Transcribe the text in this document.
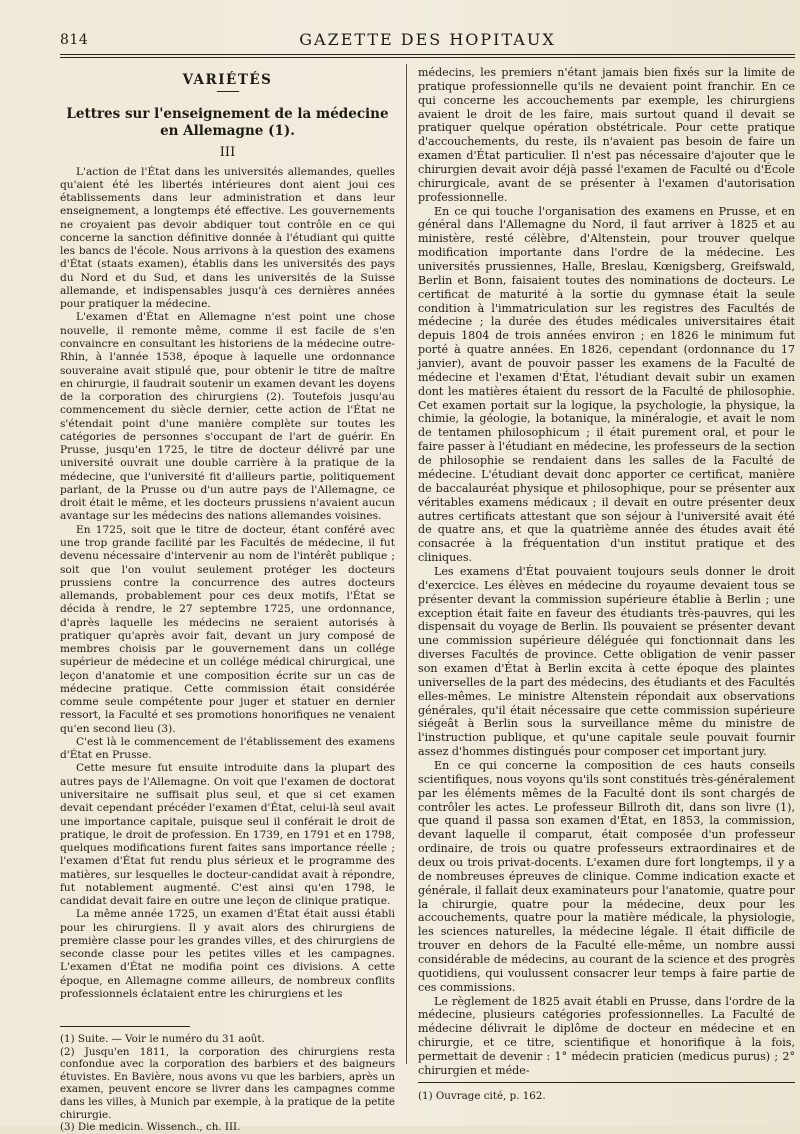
814	GAZETTE DES HOPITAUX
VARIÉTÉS
Lettres sur l'enseignement de la médecine en Allemagne (1).
III

L'action de l'État dans les universités allemandes, quelles qu'aient été les libertés intérieures dont aient joui ces établissements dans leur administration et dans leur enseignement, a longtemps été effective. Les gouvernements ne croyaient pas devoir abdiquer tout contrôle en ce qui concerne la sanction définitive donnée à l'étudiant qui quitte les bancs de l'école. Nous arrivons à la question des examens d'État (staats examen), établis dans les universités des pays du Nord et du Sud, et dans les universités de la Suisse allemande, et indispensables jusqu'à ces dernières années pour pratiquer la médecine.

L'examen d'État en Allemagne n'est point une chose nouvelle, il remonte même, comme il est facile de s'en convaincre en consultant les historiens de la médecine outre-Rhin, à l'année 1538, époque à laquelle une ordonnance souveraine avait stipulé que, pour obtenir le titre de maître en chirurgie, il faudrait soutenir un examen devant les doyens de la corporation des chirurgiens (2). Toutefois jusqu'au commencement du siècle dernier, cette action de l'État ne s'étendait point d'une manière complète sur toutes les catégories de personnes s'occupant de l'art de guérir. En Prusse, jusqu'en 1725, le titre de docteur délivré par une université ouvrait une double carrière à la pratique de la médecine, que l'université fit d'ailleurs partie, politiquement parlant, de la Prusse ou d'un autre pays de l'Allemagne, ce droit était le même, et les docteurs prussiens n'avaient aucun avantage sur les médecins des nations allemandes voisines.

En 1725, soit que le titre de docteur, étant conféré avec une trop grande facilité par les Facultés de médecine, il fut devenu nécessaire d'intervenir au nom de l'intérêt publique ; soit que l'on voulut seulement protéger les docteurs prussiens contre la concurrence des autres docteurs allemands, probablement pour ces deux motifs, l'État se décida à rendre, le 27 septembre 1725, une ordonnance, d'après laquelle les médecins ne seraient autorisés à pratiquer qu'après avoir fait, devant un jury composé de membres choisis par le gouvernement dans un collége supérieur de médecine et un collége médical chirurgical, une leçon d'anatomie et une composition écrite sur un cas de médecine pratique. Cette commission était considérée comme seule compétente pour juger et statuer en dernier ressort, la Faculté et ses promotions honorifiques ne venaient qu'en second lieu (3).

C'est là le commencement de l'établissement des examens d'État en Prusse.

Cette mesure fut ensuite introduite dans la plupart des autres pays de l'Allemagne. On voit que l'examen de doctorat universitaire ne suffisait plus seul, et que si cet examen devait cependant précéder l'examen d'État, celui-là seul avait une importance capitale, puisque seul il conférait le droit de pratique, le droit de profession. En 1739, en 1791 et en 1798, quelques modifications furent faites sans importance réelle ; l'examen d'État fut rendu plus sérieux et le programme des matières, sur lesquelles le docteur-candidat avait à répondre, fut notablement augmenté. C'est ainsi qu'en 1798, le candidat devait faire en outre une leçon de clinique pratique.

La même année 1725, un examen d'État était aussi établi pour les chirurgiens. Il y avait alors des chirurgiens de première classe pour les grandes villes, et des chirurgiens de seconde classe pour les petites villes et les campagnes. L'examen d'État ne modifia point ces divisions. A cette époque, en Allemagne comme ailleurs, de nombreux conflits professionnels éclataient entre les chirurgiens et les

(1) Suite. — Voir le numéro du 31 août.
(2) Jusqu'en 1811, la corporation des chirurgiens resta confondue avec la corporation des barbiers et des baigneurs étuvistes. En Bavière, nous avons vu que les barbiers, après un examen, peuvent encore se livrer dans les campagnes comme dans les villes, à Munich par exemple, à la pratique de la petite chirurgie.
(3) Die medicin. Wissench., ch. III.

médecins, les premiers n'étant jamais bien fixés sur la limite de pratique professionnelle qu'ils ne devaient point franchir. En ce qui concerne les accouchements par exemple, les chirurgiens avaient le droit de les faire, mais surtout quand il devait se pratiquer quelque opération obstétricale. Pour cette pratique d'accouchements, du reste, ils n'avaient pas besoin de faire un examen d'État particulier. Il n'est pas nécessaire d'ajouter que le chirurgien devait avoir déjà passé l'examen de Faculté ou d'École chirurgicale, avant de se présenter à l'examen d'autorisation professionnelle.

En ce qui touche l'organisation des examens en Prusse, et en général dans l'Allemagne du Nord, il faut arriver à 1825 et au ministère, resté célèbre, d'Altenstein, pour trouver quelque modification importante dans l'ordre de la médecine. Les universités prussiennes, Halle, Breslau, Kœnigsberg, Greifswald, Berlin et Bonn, faisaient toutes des nominations de docteurs. Le certificat de maturité à la sortie du gymnase était la seule condition à l'immatriculation sur les registres des Facultés de médecine ; la durée des études médicales universitaires était depuis 1804 de trois années environ ; en 1826 le minimum fut porté à quatre années. En 1826, cependant (ordonnance du 17 janvier), avant de pouvoir passer les examens de la Faculté de médecine et l'examen d'État, l'étudiant devait subir un examen dont les matières étaient du ressort de la Faculté de philosophie. Cet examen portait sur la logique, la psychologie, la physique, la chimie, la géologie, la botanique, la minéralogie, et avait le nom de tentamen philosophicum ; il était purement oral, et pour le faire passer à l'étudiant en médecine, les professeurs de la section de philosophie se rendaient dans les salles de la Faculté de médecine. L'étudiant devait donc apporter ce certificat, manière de baccalauréat physique et philosophique, pour se présenter aux véritables examens médicaux ; il devait en outre présenter deux autres certificats attestant que son séjour à l'université avait été de quatre ans, et que la quatrième année des études avait été consacrée à la fréquentation d'un institut pratique et des cliniques.

Les examens d'État pouvaient toujours seuls donner le droit d'exercice. Les élèves en médecine du royaume devaient tous se présenter devant la commission supérieure établie à Berlin ; une exception était faite en faveur des étudiants très-pauvres, qui les dispensait du voyage de Berlin. Ils pouvaient se présenter devant une commission supérieure déléguée qui fonctionnait dans les diverses Facultés de province. Cette obligation de venir passer son examen d'État à Berlin excita à cette époque des plaintes universelles de la part des médecins, des étudiants et des Facultés elles-mêmes. Le ministre Altenstein répondait aux observations générales, qu'il était nécessaire que cette commission supérieure siégeât à Berlin sous la surveillance même du ministre de l'instruction publique, et qu'une capitale seule pouvait fournir assez d'hommes distingués pour composer cet important jury.

En ce qui concerne la composition de ces hauts conseils scientifiques, nous voyons qu'ils sont constitués très-généralement par les éléments mêmes de la Faculté dont ils sont chargés de contrôler les actes. Le professeur Billroth dit, dans son livre (1), que quand il passa son examen d'État, en 1853, la commission, devant laquelle il comparut, était composée d'un professeur ordinaire, de trois ou quatre professeurs extraordinaires et de deux ou trois privat-docents. L'examen dure fort longtemps, il y a de nombreuses épreuves de clinique. Comme indication exacte et générale, il fallait deux examinateurs pour l'anatomie, quatre pour la chirurgie, quatre pour la médecine, deux pour les accouchements, quatre pour la matière médicale, la physiologie, les sciences naturelles, la médecine légale. Il était difficile de trouver en dehors de la Faculté elle-même, un nombre aussi considérable de médecins, au courant de la science et des progrès quotidiens, qui voulussent consacrer leur temps à faire partie de ces commissions.

Le règlement de 1825 avait établi en Prusse, dans l'ordre de la médecine, plusieurs catégories professionnelles. La Faculté de médecine délivrait le diplôme de docteur en médecine et en chirurgie, et ce titre, scientifique et honorifique à la fois, permettait de devenir : 1° médecin praticien (medicus purus) ; 2° chirurgien et méde-

(1) Ouvrage cité, p. 162.
